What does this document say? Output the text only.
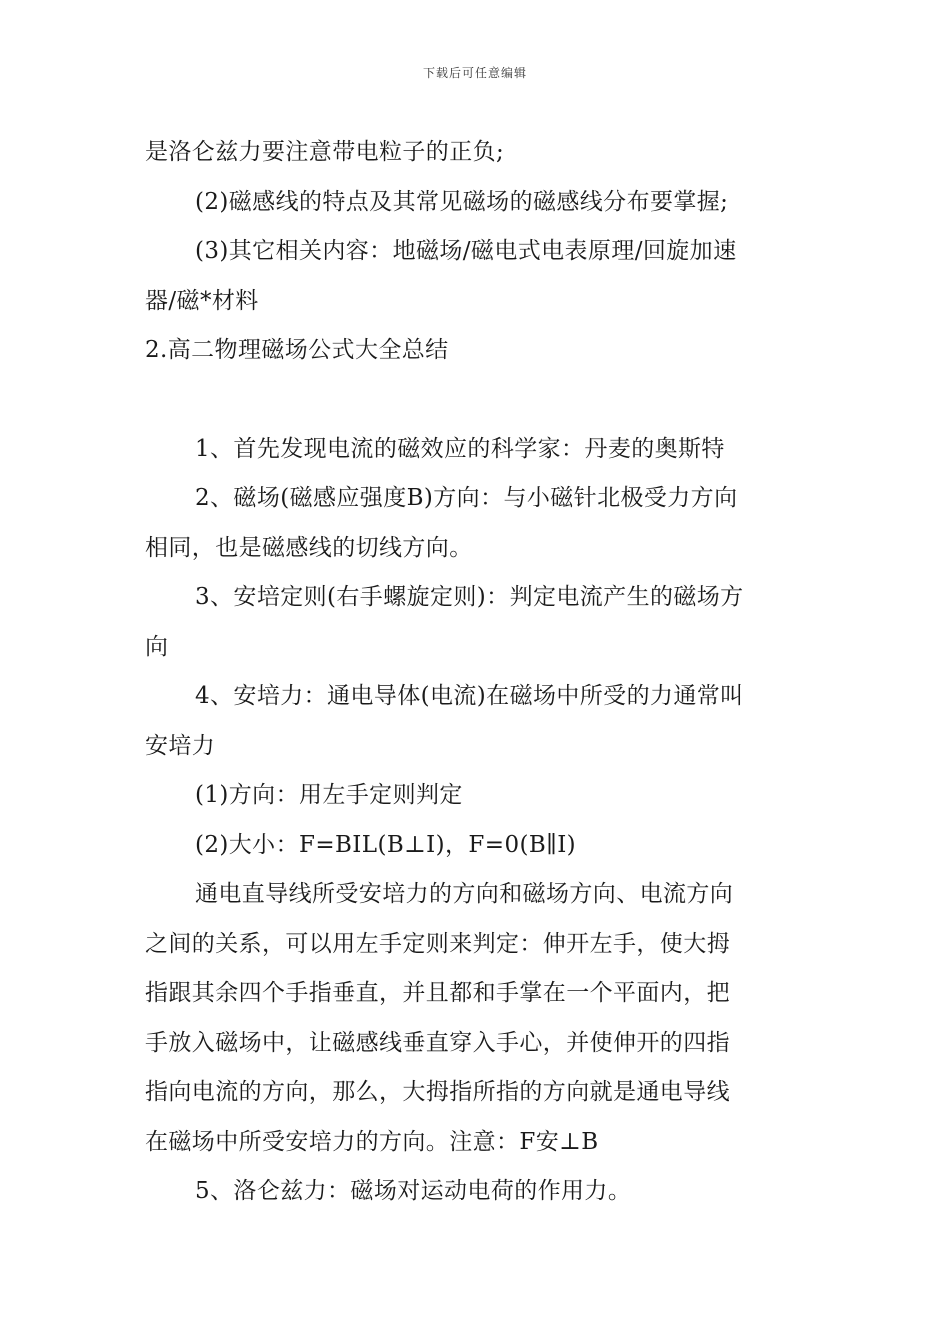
下载后可任意编辑

是洛仑兹力要注意带电粒子的正负;

(2)磁感线的特点及其常见磁场的磁感线分布要掌握;

(3)其它相关内容：地磁场/磁电式电表原理/回旋加速

器/磁*材料

2.高二物理磁场公式大全总结

1、首先发现电流的磁效应的科学家：丹麦的奥斯特

2、磁场(磁感应强度B)方向：与小磁针北极受力方向

相同，也是磁感线的切线方向。

3、安培定则(右手螺旋定则)：判定电流产生的磁场方

向

4、安培力：通电导体(电流)在磁场中所受的力通常叫

安培力

(1)方向：用左手定则判定

(2)大小：F=BIL(B⊥I)，F=0(B∥I)

通电直导线所受安培力的方向和磁场方向、电流方向

之间的关系，可以用左手定则来判定：伸开左手，使大拇

指跟其余四个手指垂直，并且都和手掌在一个平面内，把

手放入磁场中，让磁感线垂直穿入手心，并使伸开的四指

指向电流的方向，那么，大拇指所指的方向就是通电导线

在磁场中所受安培力的方向。注意：F安⊥B

5、洛仑兹力：磁场对运动电荷的作用力。
